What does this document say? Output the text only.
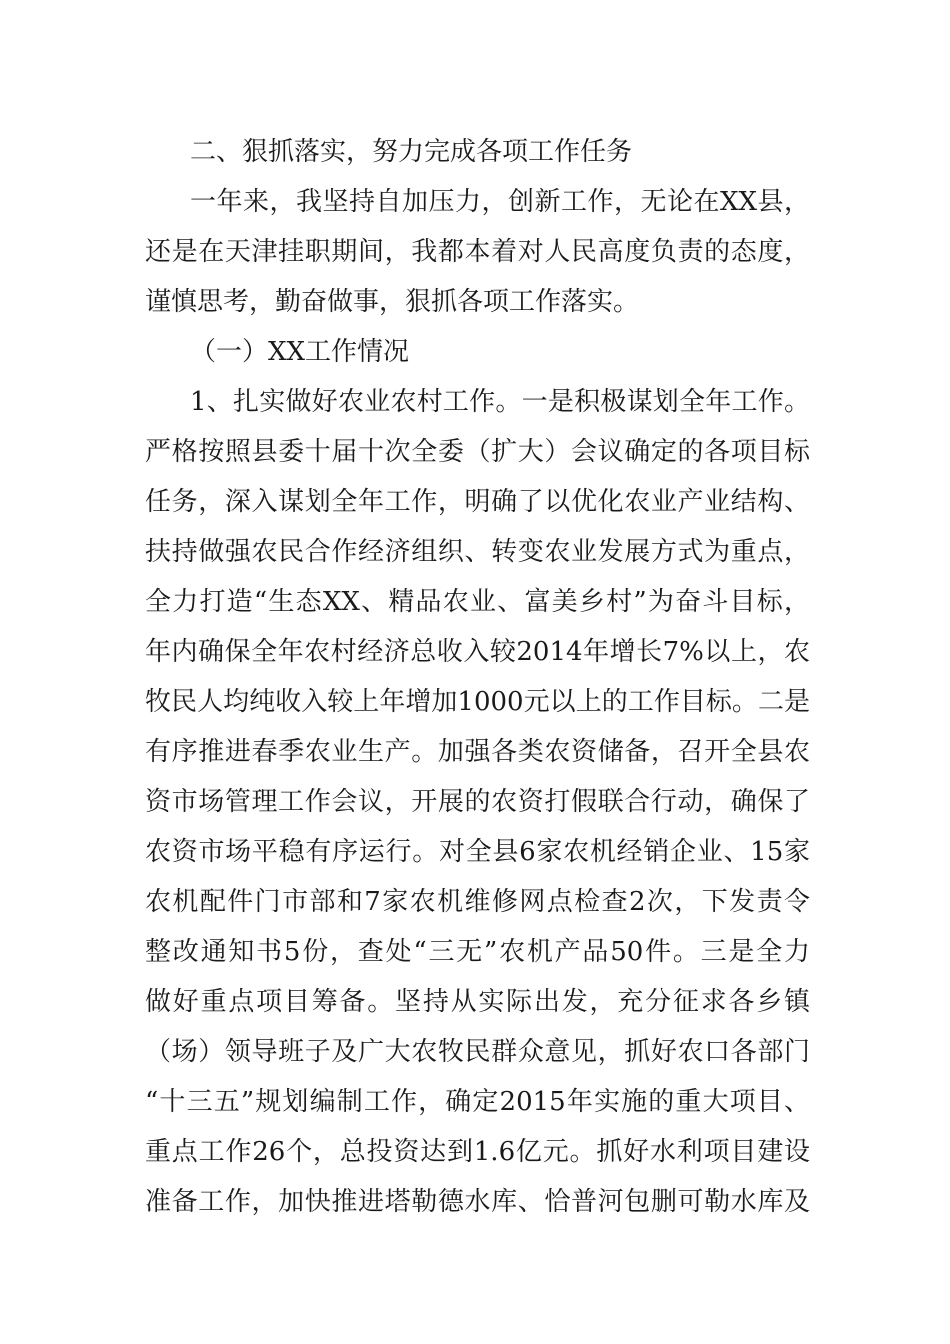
二、狠抓落实，努力完成各项工作任务
一年来，我坚持自加压力，创新工作，无论在XX县，
还是在天津挂职期间，我都本着对人民高度负责的态度，
谨慎思考，勤奋做事，狠抓各项工作落实。
（一）XX工作情况
1、扎实做好农业农村工作。一是积极谋划全年工作。
严格按照县委十届十次全委（扩大）会议确定的各项目标
任务，深入谋划全年工作，明确了以优化农业产业结构、
扶持做强农民合作经济组织、转变农业发展方式为重点，
全力打造“生态XX、精品农业、富美乡村”为奋斗目标，
年内确保全年农村经济总收入较2014年增长7%以上，农
牧民人均纯收入较上年增加1000元以上的工作目标。二是
有序推进春季农业生产。加强各类农资储备，召开全县农
资市场管理工作会议，开展的农资打假联合行动，确保了
农资市场平稳有序运行。对全县6家农机经销企业、15家
农机配件门市部和7家农机维修网点检查2次，下发责令
整改通知书5份，查处“三无”农机产品50件。三是全力
做好重点项目筹备。坚持从实际出发，充分征求各乡镇
（场）领导班子及广大农牧民群众意见，抓好农口各部门
“十三五”规划编制工作，确定2015年实施的重大项目、
重点工作26个，总投资达到1.6亿元。抓好水利项目建设
准备工作，加快推进塔勒德水库、恰普河包删可勒水库及
